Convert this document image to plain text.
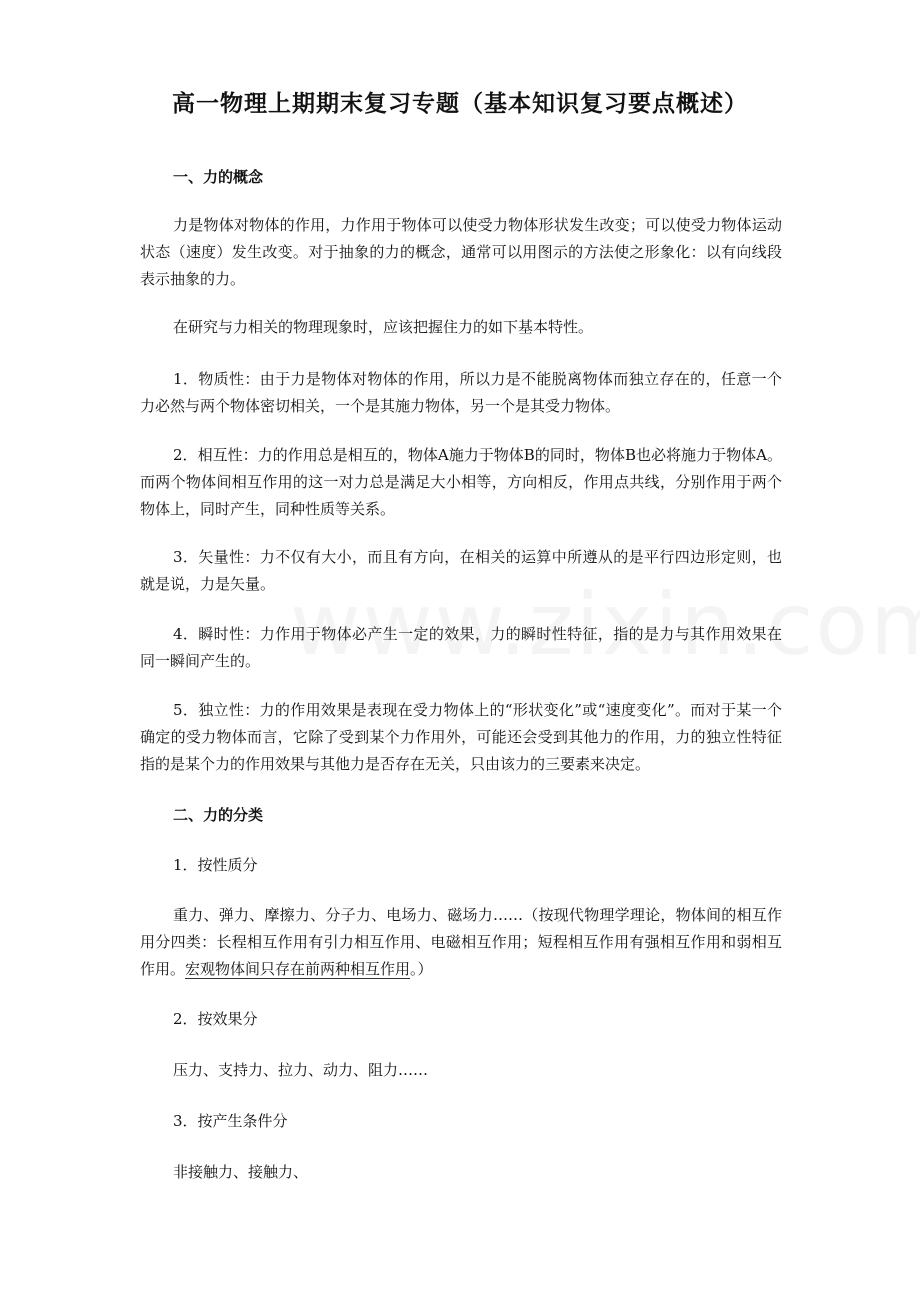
高一物理上期期末复习专题（基本知识复习要点概述）
一、力的概念

力是物体对物体的作用，力作用于物体可以使受力物体形状发生改变；可以使受力物体运动状态（速度）发生改变。对于抽象的力的概念，通常可以用图示的方法使之形象化：以有向线段表示抽象的力。

在研究与力相关的物理现象时，应该把握住力的如下基本特性。

1．物质性：由于力是物体对物体的作用，所以力是不能脱离物体而独立存在的，任意一个力必然与两个物体密切相关，一个是其施力物体，另一个是其受力物体。

2．相互性：力的作用总是相互的，物体A施力于物体B的同时，物体B也必将施力于物体A。而两个物体间相互作用的这一对力总是满足大小相等，方向相反，作用点共线，分别作用于两个物体上，同时产生，同种性质等关系。

3．矢量性：力不仅有大小，而且有方向，在相关的运算中所遵从的是平行四边形定则，也就是说，力是矢量。

4．瞬时性：力作用于物体必产生一定的效果，力的瞬时性特征，指的是力与其作用效果在同一瞬间产生的。

5．独立性：力的作用效果是表现在受力物体上的“形状变化”或“速度变化”。而对于某一个确定的受力物体而言，它除了受到某个力作用外，可能还会受到其他力的作用，力的独立性特征指的是某个力的作用效果与其他力是否存在无关，只由该力的三要素来决定。

二、力的分类
1．按性质分

重力、弹力、摩擦力、分子力、电场力、磁场力……（按现代物理学理论，物体间的相互作用分四类：长程相互作用有引力相互作用、电磁相互作用；短程相互作用有强相互作用和弱相互作用。宏观物体间只存在前两种相互作用。）

2．按效果分
压力、支持力、拉力、动力、阻力……
3．按产生条件分
非接触力、接触力、
